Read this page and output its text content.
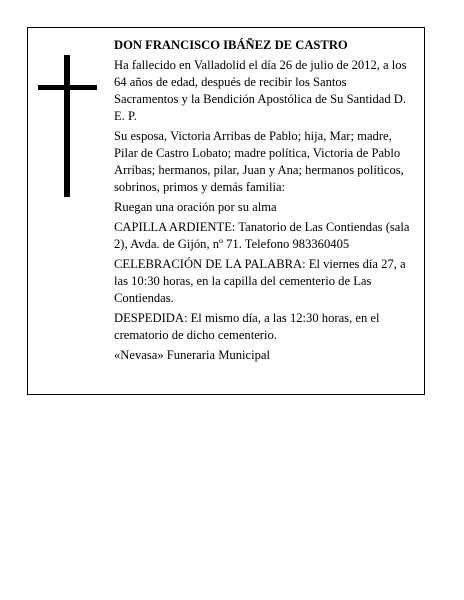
DON FRANCISCO IBÁÑEZ DE CASTRO

Ha fallecido en Valladolid el día 26 de julio de 2012, a los 64 años de edad, después de recibir los Santos Sacramentos y la Bendición Apostólica de Su Santidad D. E. P.

Su esposa, Victoria Arribas de Pablo; hija, Mar; madre, Pilar de Castro Lobato; madre política, Victoria de Pablo Arribas; hermanos, pilar, Juan y Ana; hermanos políticos, sobrinos, primos y demás familia:

Ruegan una oración por su alma

CAPILLA ARDIENTE: Tanatorio de Las Contiendas (sala 2), Avda. de Gijón, nº 71. Telefono 983360405

CELEBRACIÓN DE LA PALABRA: El viernes día 27, a las 10:30 horas, en la capilla del cementerio de Las Contiendas.

DESPEDIDA: El mismo día, a las 12:30 horas, en el crematorio de dicho cementerio.

«Nevasa» Funeraria Municipal
